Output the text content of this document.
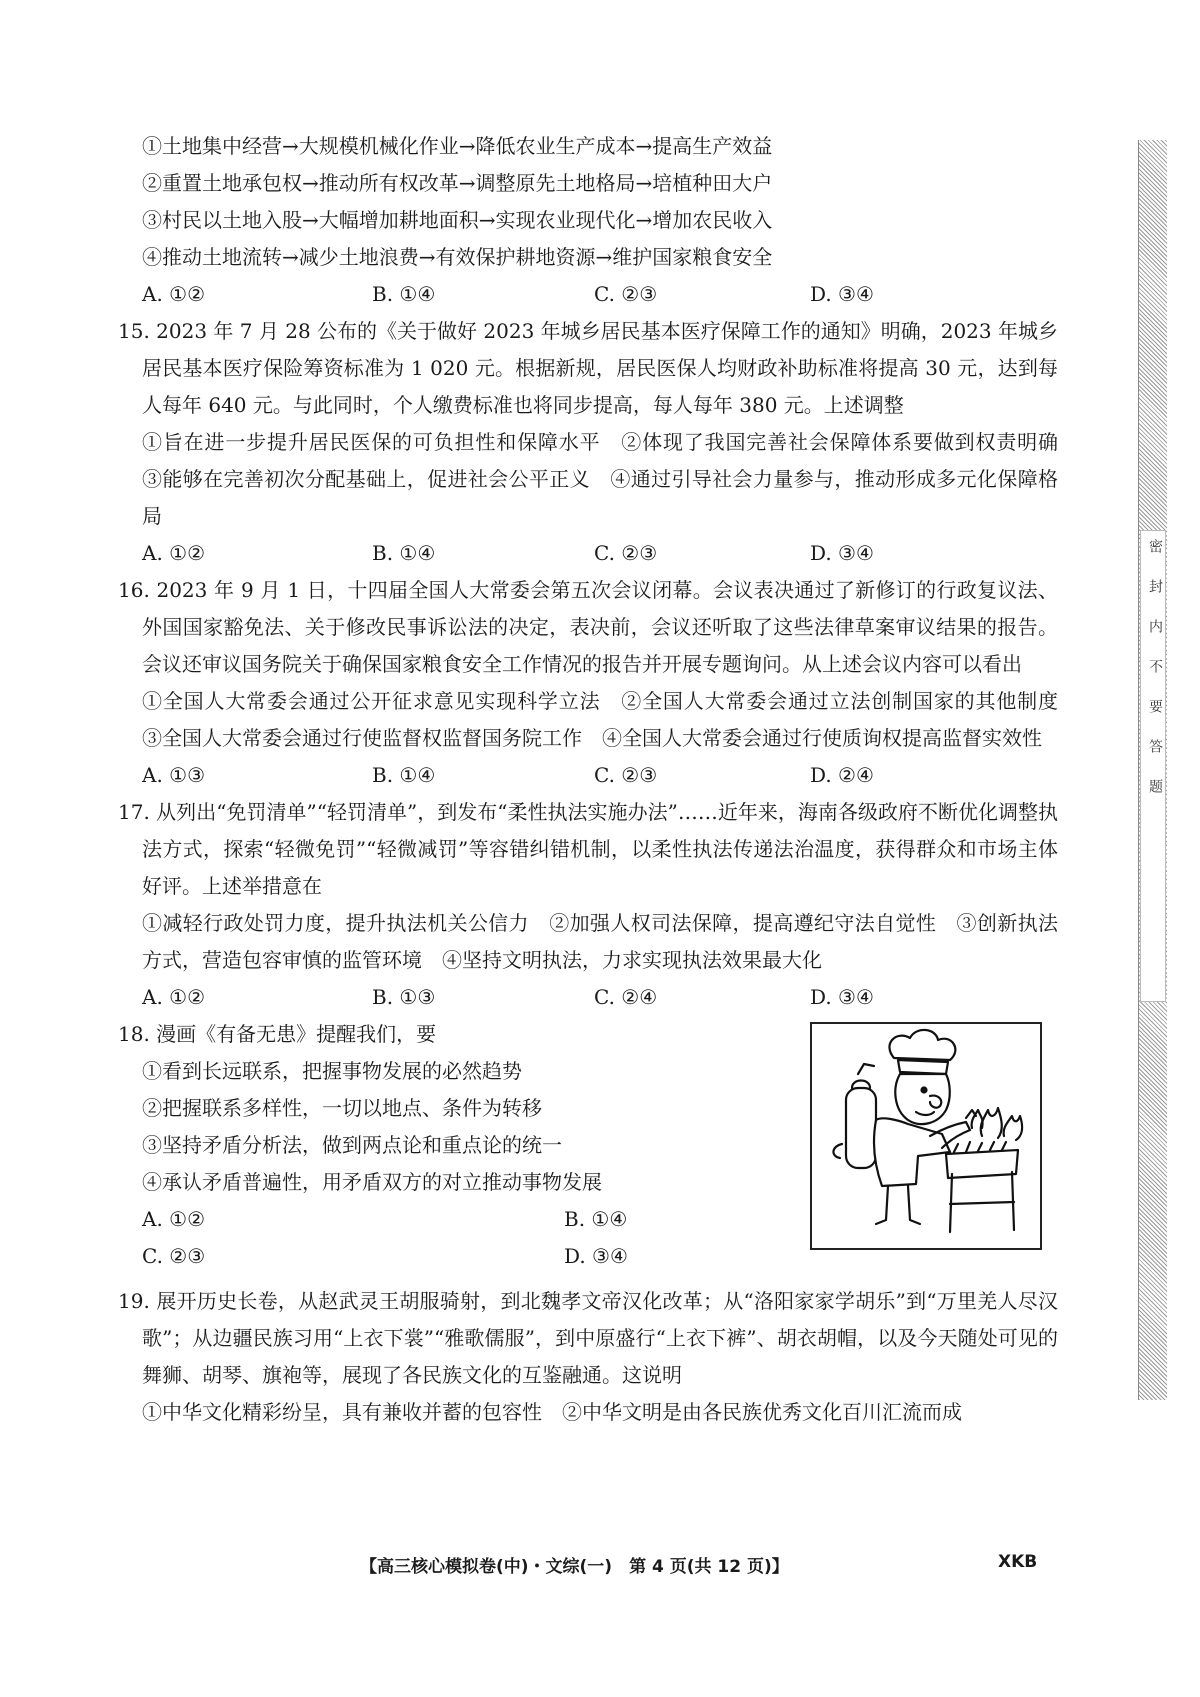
①土地集中经营→大规模机械化作业→降低农业生产成本→提高生产效益

②重置土地承包权→推动所有权改革→调整原先土地格局→培植种田大户

③村民以土地入股→大幅增加耕地面积→实现农业现代化→增加农民收入

④推动土地流转→减少土地浪费→有效保护耕地资源→维护国家粮食安全

A. ①②	B. ①④	C. ②③	D. ③④

15. 2023 年 7 月 28 公布的《关于做好 2023 年城乡居民基本医疗保障工作的通知》明确，2023 年城乡居民基本医疗保险筹资标准为 1 020 元。根据新规，居民医保人均财政补助标准将提高 30 元，达到每人每年 640 元。与此同时，个人缴费标准也将同步提高，每人每年 380 元。上述调整

①旨在进一步提升居民医保的可负担性和保障水平　②体现了我国完善社会保障体系要做到权责明确　③能够在完善初次分配基础上，促进社会公平正义　④通过引导社会力量参与，推动形成多元化保障格局

A. ①②	B. ①④	C. ②③	D. ③④

16. 2023 年 9 月 1 日，十四届全国人大常委会第五次会议闭幕。会议表决通过了新修订的行政复议法、外国国家豁免法、关于修改民事诉讼法的决定，表决前，会议还听取了这些法律草案审议结果的报告。会议还审议国务院关于确保国家粮食安全工作情况的报告并开展专题询问。从上述会议内容可以看出

①全国人大常委会通过公开征求意见实现科学立法　②全国人大常委会通过立法创制国家的其他制度　③全国人大常委会通过行使监督权监督国务院工作　④全国人大常委会通过行使质询权提高监督实效性

A. ①③	B. ①④	C. ②③	D. ②④

17. 从列出“免罚清单”“轻罚清单”，到发布“柔性执法实施办法”……近年来，海南各级政府不断优化调整执法方式，探索“轻微免罚”“轻微减罚”等容错纠错机制，以柔性执法传递法治温度，获得群众和市场主体好评。上述举措意在

①减轻行政处罚力度，提升执法机关公信力　②加强人权司法保障，提高遵纪守法自觉性　③创新执法方式，营造包容审慎的监管环境　④坚持文明执法，力求实现执法效果最大化

A. ①②	B. ①③	C. ②④	D. ③④

18. 漫画《有备无患》提醒我们，要

①看到长远联系，把握事物发展的必然趋势

②把握联系多样性，一切以地点、条件为转移

③坚持矛盾分析法，做到两点论和重点论的统一

④承认矛盾普遍性，用矛盾双方的对立推动事物发展

A. ①②	B. ①④
C. ②③	D. ③④

19. 展开历史长卷，从赵武灵王胡服骑射，到北魏孝文帝汉化改革；从“洛阳家家学胡乐”到“万里羌人尽汉歌”；从边疆民族习用“上衣下裳”“雅歌儒服”，到中原盛行“上衣下裤”、胡衣胡帽，以及今天随处可见的舞狮、胡琴、旗袍等，展现了各民族文化的互鉴融通。这说明

①中华文化精彩纷呈，具有兼收并蓄的包容性　②中华文明是由各民族优秀文化百川汇流而成

密封内不要答题
【高三核心模拟卷(中)・文综(一)　第 4 页(共 12 页)】	XKB
